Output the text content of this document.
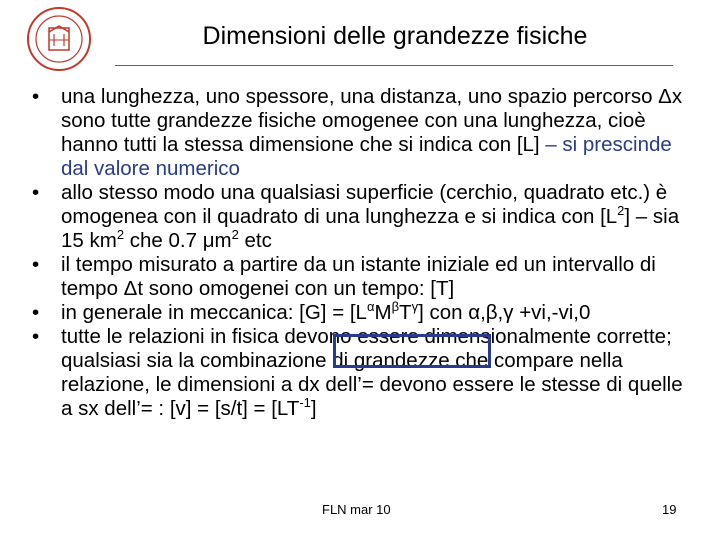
Dimensioni delle grandezze fisiche
• una lunghezza, uno spessore, una distanza, uno spazio percorso Δx sono tutte grandezze fisiche omogenee con una lunghezza, cioè hanno tutti la stessa dimensione che si indica con [L] – si prescinde dal valore numerico
• allo stesso modo una qualsiasi superficie (cerchio, quadrato etc.) è omogenea con il quadrato di una lunghezza e si indica con $[L^2]$ – sia 15 $km^2$ che 0.7 $\mu m^2$ etc
• il tempo misurato a partire da un istante iniziale ed un intervallo di tempo Δt sono omogenei con un tempo: [T]
• in generale in meccanica: $[G] = [L^\alpha M^\beta T^\gamma]$ con α,β,γ +vi,-vi,0
• tutte le relazioni in fisica devono essere dimensionalmente corrette; qualsiasi sia la combinazione di grandezze che compare nella relazione, le dimensioni a dx dell’= devono essere le stesse di quelle a sx dell’= : $[v] = [s/t] = [LT^{-1}]$
FLN mar 10	19
